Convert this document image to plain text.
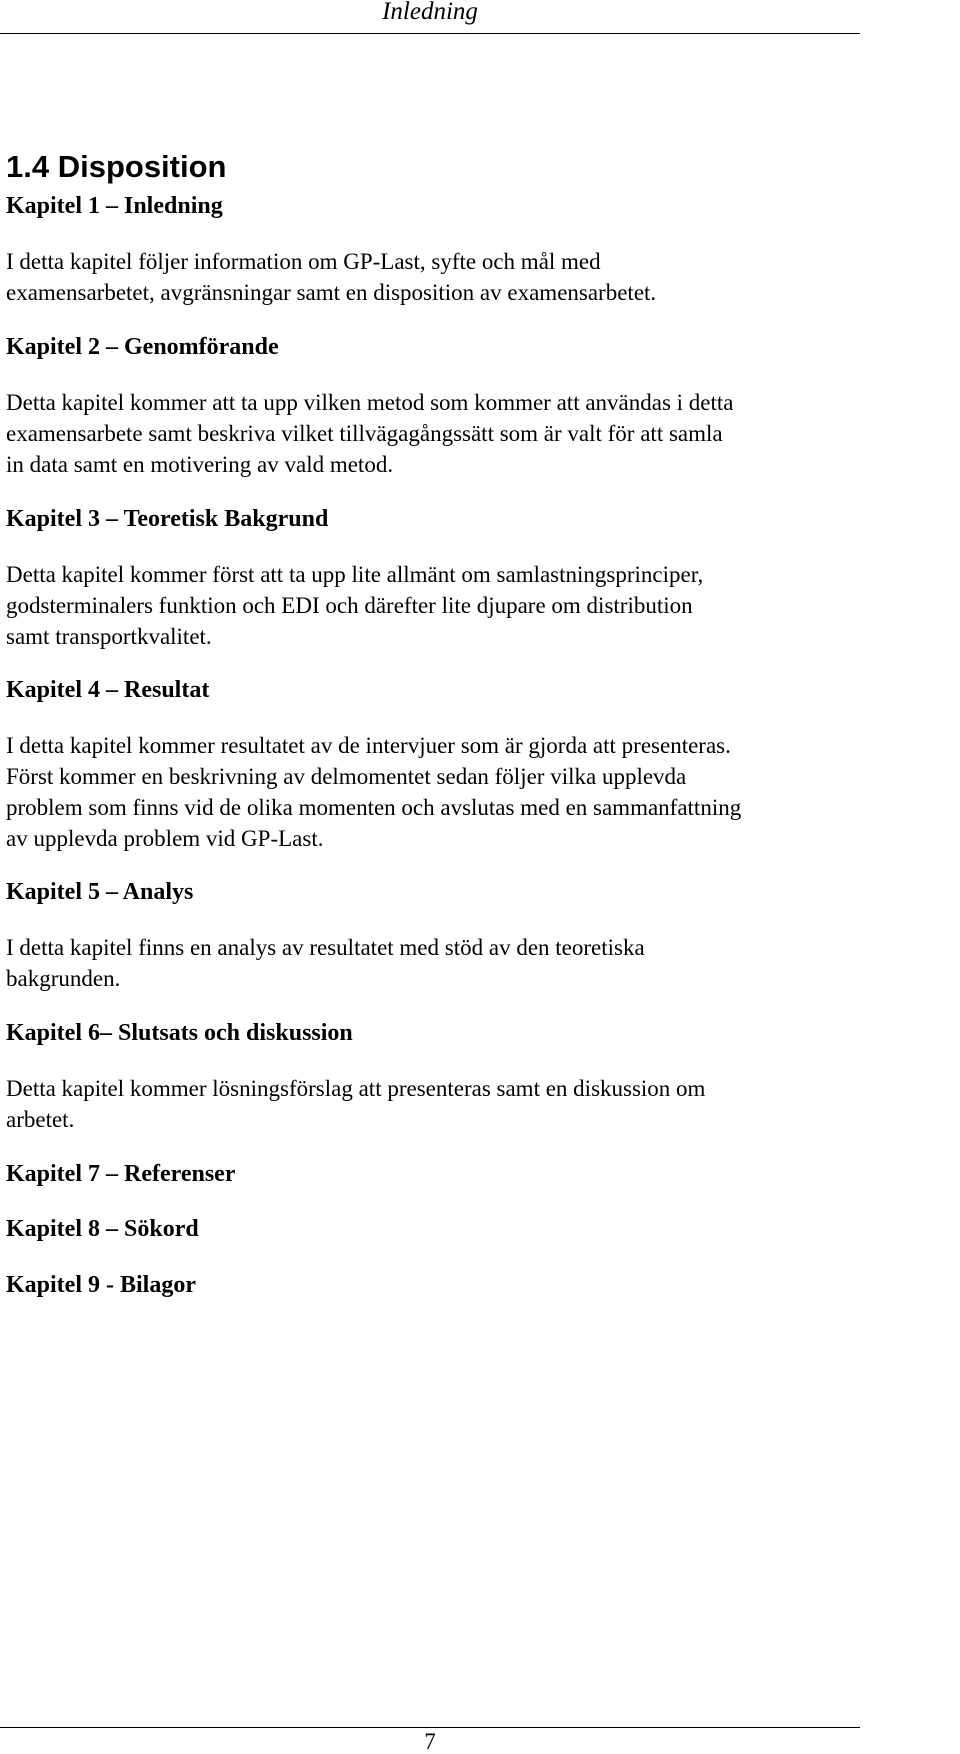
Inledning
1.4 Disposition
Kapitel 1 – Inledning

I detta kapitel följer information om GP-Last, syfte och mål med
examensarbetet, avgränsningar samt en disposition av examensarbetet.

Kapitel 2 – Genomförande

Detta kapitel kommer att ta upp vilken metod som kommer att användas i detta
examensarbete samt beskriva vilket tillvägagångssätt som är valt för att samla
in data samt en motivering av vald metod.

Kapitel 3 – Teoretisk Bakgrund

Detta kapitel kommer först att ta upp lite allmänt om samlastningsprinciper,
godsterminalers funktion och EDI och därefter lite djupare om distribution
samt transportkvalitet.

Kapitel 4 – Resultat

I detta kapitel kommer resultatet av de intervjuer som är gjorda att presenteras.
Först kommer en beskrivning av delmomentet sedan följer vilka upplevda
problem som finns vid de olika momenten och avslutas med en sammanfattning
av upplevda problem vid GP-Last.

Kapitel 5 – Analys

I detta kapitel finns en analys av resultatet med stöd av den teoretiska
bakgrunden.

Kapitel 6– Slutsats och diskussion

Detta kapitel kommer lösningsförslag att presenteras samt en diskussion om
arbetet.

Kapitel 7 – Referenser
Kapitel 8 – Sökord
Kapitel 9 - Bilagor
7
